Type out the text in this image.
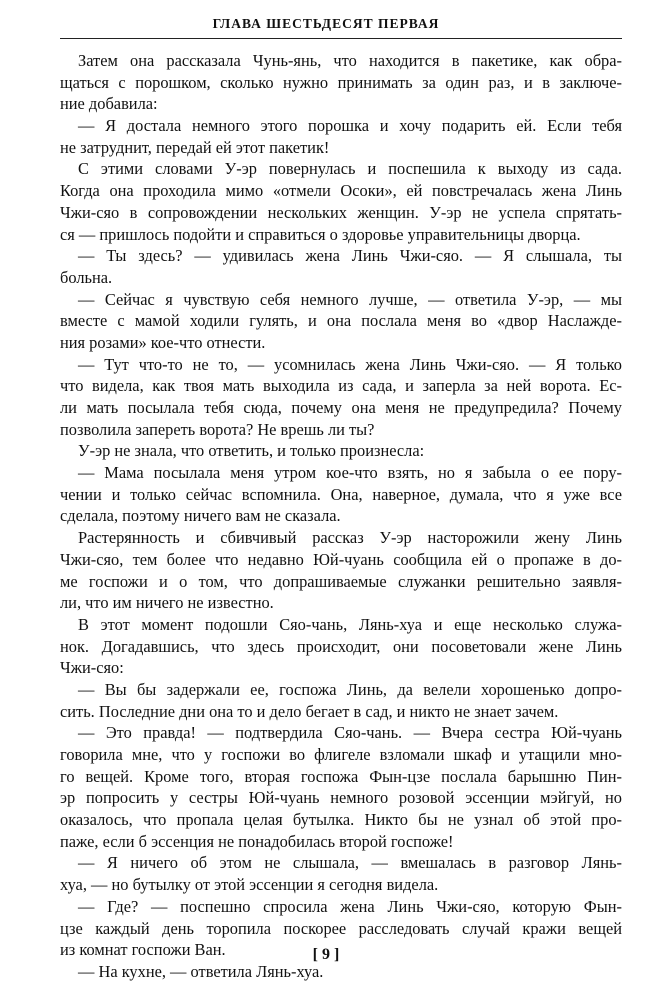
ГЛАВА ШЕСТЬДЕСЯТ ПЕРВАЯ
Затем она рассказала Чунь-янь, что находится в пакетике, как обра-
щаться с порошком, сколько нужно принимать за один раз, и в заключе-
ние добавила:
— Я достала немного этого порошка и хочу подарить ей. Если тебя
не затруднит, передай ей этот пакетик!
С этими словами У-эр повернулась и поспешила к выходу из сада.
Когда она проходила мимо «отмели Осоки», ей повстречалась жена Линь
Чжи-сяо в сопровождении нескольких женщин. У-эр не успела спрятать-
ся — пришлось подойти и справиться о здоровье управительницы дворца.
— Ты здесь? — удивилась жена Линь Чжи-сяо. — Я слышала, ты
больна.
— Сейчас я чувствую себя немного лучше, — ответила У-эр, — мы
вместе с мамой ходили гулять, и она послала меня во «двор Наслажде-
ния розами» кое-что отнести.
— Тут что-то не то, — усомнилась жена Линь Чжи-сяо. — Я только
что видела, как твоя мать выходила из сада, и заперла за ней ворота. Ес-
ли мать посылала тебя сюда, почему она меня не предупредила? Почему
позволила запереть ворота? Не врешь ли ты?
У-эр не знала, что ответить, и только произнесла:
— Мама посылала меня утром кое-что взять, но я забыла о ее пору-
чении и только сейчас вспомнила. Она, наверное, думала, что я уже все
сделала, поэтому ничего вам не сказала.
Растерянность и сбивчивый рассказ У-эр насторожили жену Линь
Чжи-сяо, тем более что недавно Юй-чуань сообщила ей о пропаже в до-
ме госпожи и о том, что допрашиваемые служанки решительно заявля-
ли, что им ничего не известно.
В этот момент подошли Сяо-чань, Лянь-хуа и еще несколько служа-
нок. Догадавшись, что здесь происходит, они посоветовали жене Линь
Чжи-сяо:
— Вы бы задержали ее, госпожа Линь, да велели хорошенько допро-
сить. Последние дни она то и дело бегает в сад, и никто не знает зачем.
— Это правда! — подтвердила Сяо-чань. — Вчера сестра Юй-чуань
говорила мне, что у госпожи во флигеле взломали шкаф и утащили мно-
го вещей. Кроме того, вторая госпожа Фын-цзе послала барышню Пин-
эр попросить у сестры Юй-чуань немного розовой эссенции мэйгуй, но
оказалось, что пропала целая бутылка. Никто бы не узнал об этой про-
паже, если б эссенция не понадобилась второй госпоже!
— Я ничего об этом не слышала, — вмешалась в разговор Лянь-
хуа, — но бутылку от этой эссенции я сегодня видела.
— Где? — поспешно спросила жена Линь Чжи-сяо, которую Фын-
цзе каждый день торопила поскорее расследовать случай кражи вещей
из комнат госпожи Ван.
— На кухне, — ответила Лянь-хуа.
[ 9 ]
